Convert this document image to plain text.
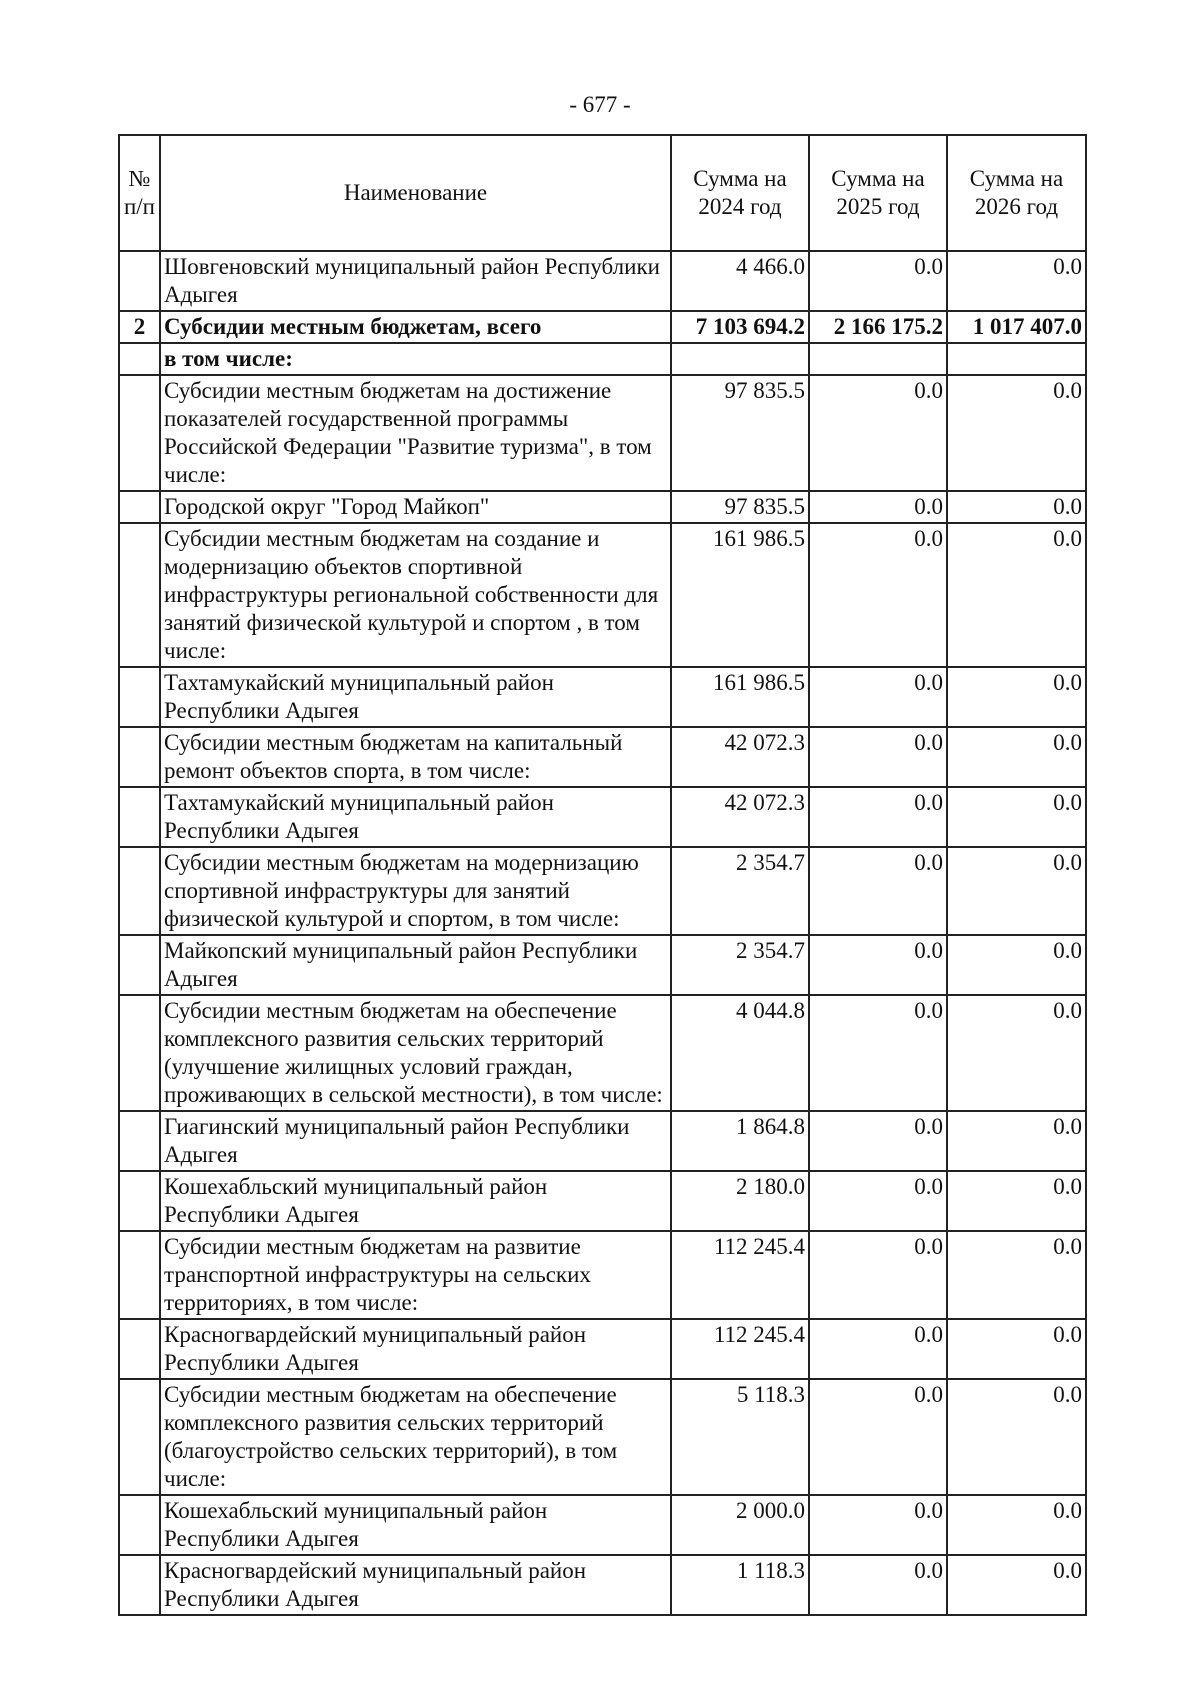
- 677 -
№ п/п	Наименование	Сумма на 2024 год	Сумма на 2025 год	Сумма на 2026 год
	Шовгеновский муниципальный район Республики Адыгея	4 466.0	0.0	0.0
2	Субсидии местным бюджетам, всего	7 103 694.2	2 166 175.2	1 017 407.0
	в том числе:			
	Субсидии местным бюджетам на достижение показателей государственной программы Российской Федерации "Развитие туризма", в том числе:	97 835.5	0.0	0.0
	Городской округ "Город Майкоп"	97 835.5	0.0	0.0
	Субсидии местным бюджетам на создание и модернизацию объектов спортивной инфраструктуры региональной собственности для занятий физической культурой и спортом , в том числе:	161 986.5	0.0	0.0
	Тахтамукайский муниципальный район Республики Адыгея	161 986.5	0.0	0.0
	Субсидии местным бюджетам на капитальный ремонт объектов спорта, в том числе:	42 072.3	0.0	0.0
	Тахтамукайский муниципальный район Республики Адыгея	42 072.3	0.0	0.0
	Субсидии местным бюджетам на модернизацию спортивной инфраструктуры для занятий физической культурой и спортом, в том числе:	2 354.7	0.0	0.0
	Майкопский муниципальный район Республики Адыгея	2 354.7	0.0	0.0
	Субсидии местным бюджетам на обеспечение комплексного развития сельских территорий (улучшение жилищных условий граждан, проживающих в сельской местности), в том числе:	4 044.8	0.0	0.0
	Гиагинский муниципальный район Республики Адыгея	1 864.8	0.0	0.0
	Кошехабльский муниципальный район Республики Адыгея	2 180.0	0.0	0.0
	Субсидии местным бюджетам на развитие транспортной инфраструктуры на сельских территориях, в том числе:	112 245.4	0.0	0.0
	Красногвардейский муниципальный район Республики Адыгея	112 245.4	0.0	0.0
	Субсидии местным бюджетам на обеспечение комплексного развития сельских территорий (благоустройство сельских территорий), в том числе:	5 118.3	0.0	0.0
	Кошехабльский муниципальный район Республики Адыгея	2 000.0	0.0	0.0
	Красногвардейский муниципальный район Республики Адыгея	1 118.3	0.0	0.0
